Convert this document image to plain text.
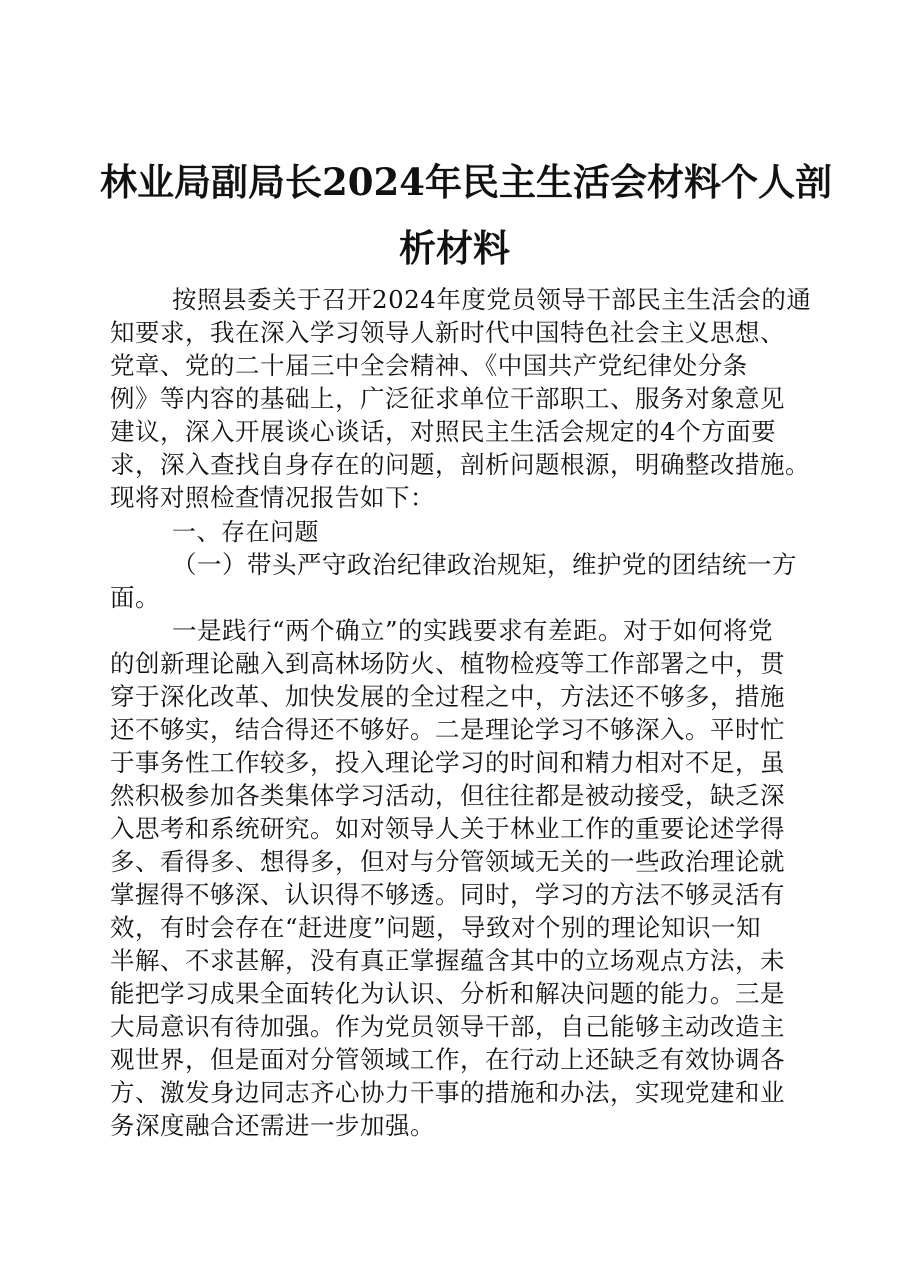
林业局副局长2024年民主生活会材料个人剖
析材料
按照县委关于召开2024年度党员领导干部民主生活会的通
知要求，我在深入学习领导人新时代中国特色社会主义思想、
党章、党的二十届三中全会精神、《中国共产党纪律处分条
例》等内容的基础上，广泛征求单位干部职工、服务对象意见
建议，深入开展谈心谈话，对照民主生活会规定的4个方面要
求，深入查找自身存在的问题，剖析问题根源，明确整改措施。
现将对照检查情况报告如下：
一、存在问题
（一）带头严守政治纪律政治规矩，维护党的团结统一方
面。
一是践行“两个确立”的实践要求有差距。对于如何将党
的创新理论融入到高林场防火、植物检疫等工作部署之中，贯
穿于深化改革、加快发展的全过程之中，方法还不够多，措施
还不够实，结合得还不够好。二是理论学习不够深入。平时忙
于事务性工作较多，投入理论学习的时间和精力相对不足，虽
然积极参加各类集体学习活动，但往往都是被动接受，缺乏深
入思考和系统研究。如对领导人关于林业工作的重要论述学得
多、看得多、想得多，但对与分管领域无关的一些政治理论就
掌握得不够深、认识得不够透。同时，学习的方法不够灵活有
效，有时会存在“赶进度”问题，导致对个别的理论知识一知
半解、不求甚解，没有真正掌握蕴含其中的立场观点方法，未
能把学习成果全面转化为认识、分析和解决问题的能力。三是
大局意识有待加强。作为党员领导干部，自己能够主动改造主
观世界，但是面对分管领域工作，在行动上还缺乏有效协调各
方、激发身边同志齐心协力干事的措施和办法，实现党建和业
务深度融合还需进一步加强。
